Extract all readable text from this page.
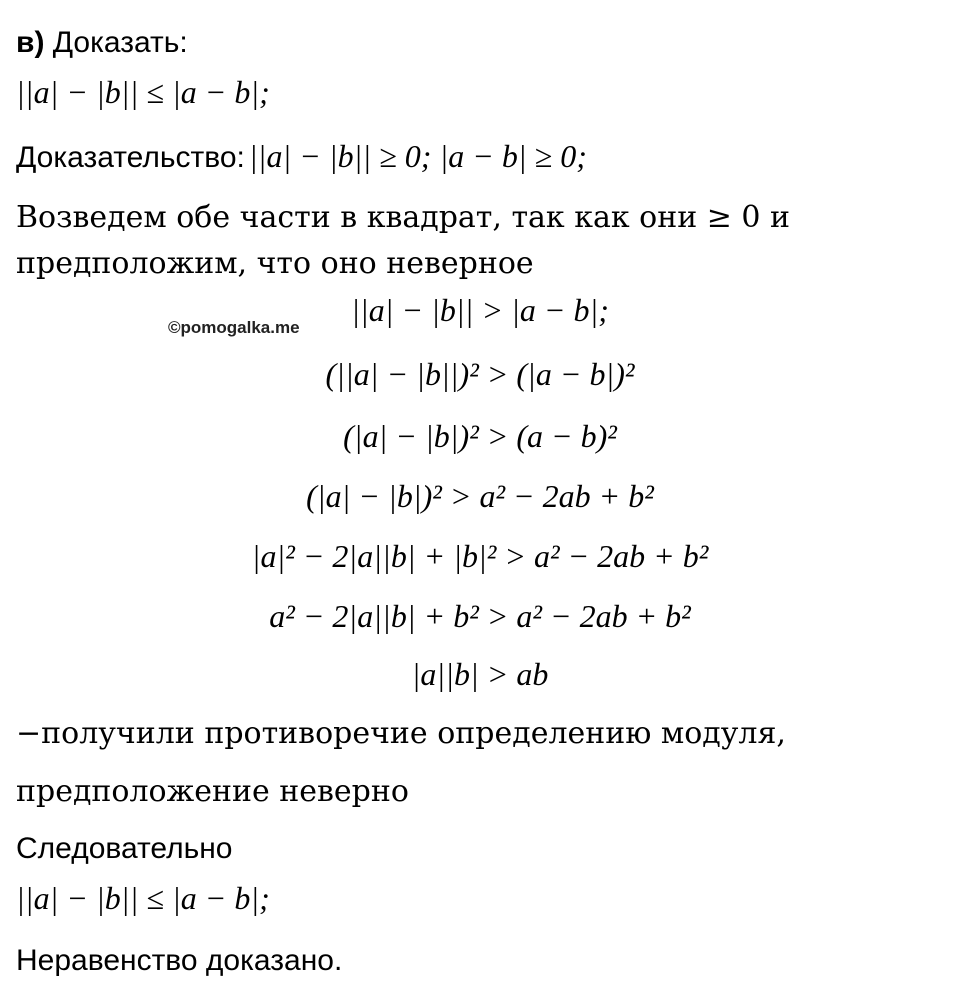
в) Доказать:
||a| − |b|| ≤ |a − b|;
Доказательство: ||a| − |b|| ≥ 0; |a − b| ≥ 0;
Возведем обе части в квадрат, так как они ≥ 0 и
предположим, что оно неверное
©pomogalka.me	||a| − |b|| > |a − b|;
(||a| − |b||)² > (|a − b|)²
(|a| − |b|)² > (a − b)²
(|a| − |b|)² > a² − 2ab + b²
|a|² − 2|a||b| + |b|² > a² − 2ab + b²
a² − 2|a||b| + b² > a² − 2ab + b²
|a||b| > ab
−получили противоречие определению модуля,
предположение неверно
Следовательно
||a| − |b|| ≤ |a − b|;
Неравенство доказано.
